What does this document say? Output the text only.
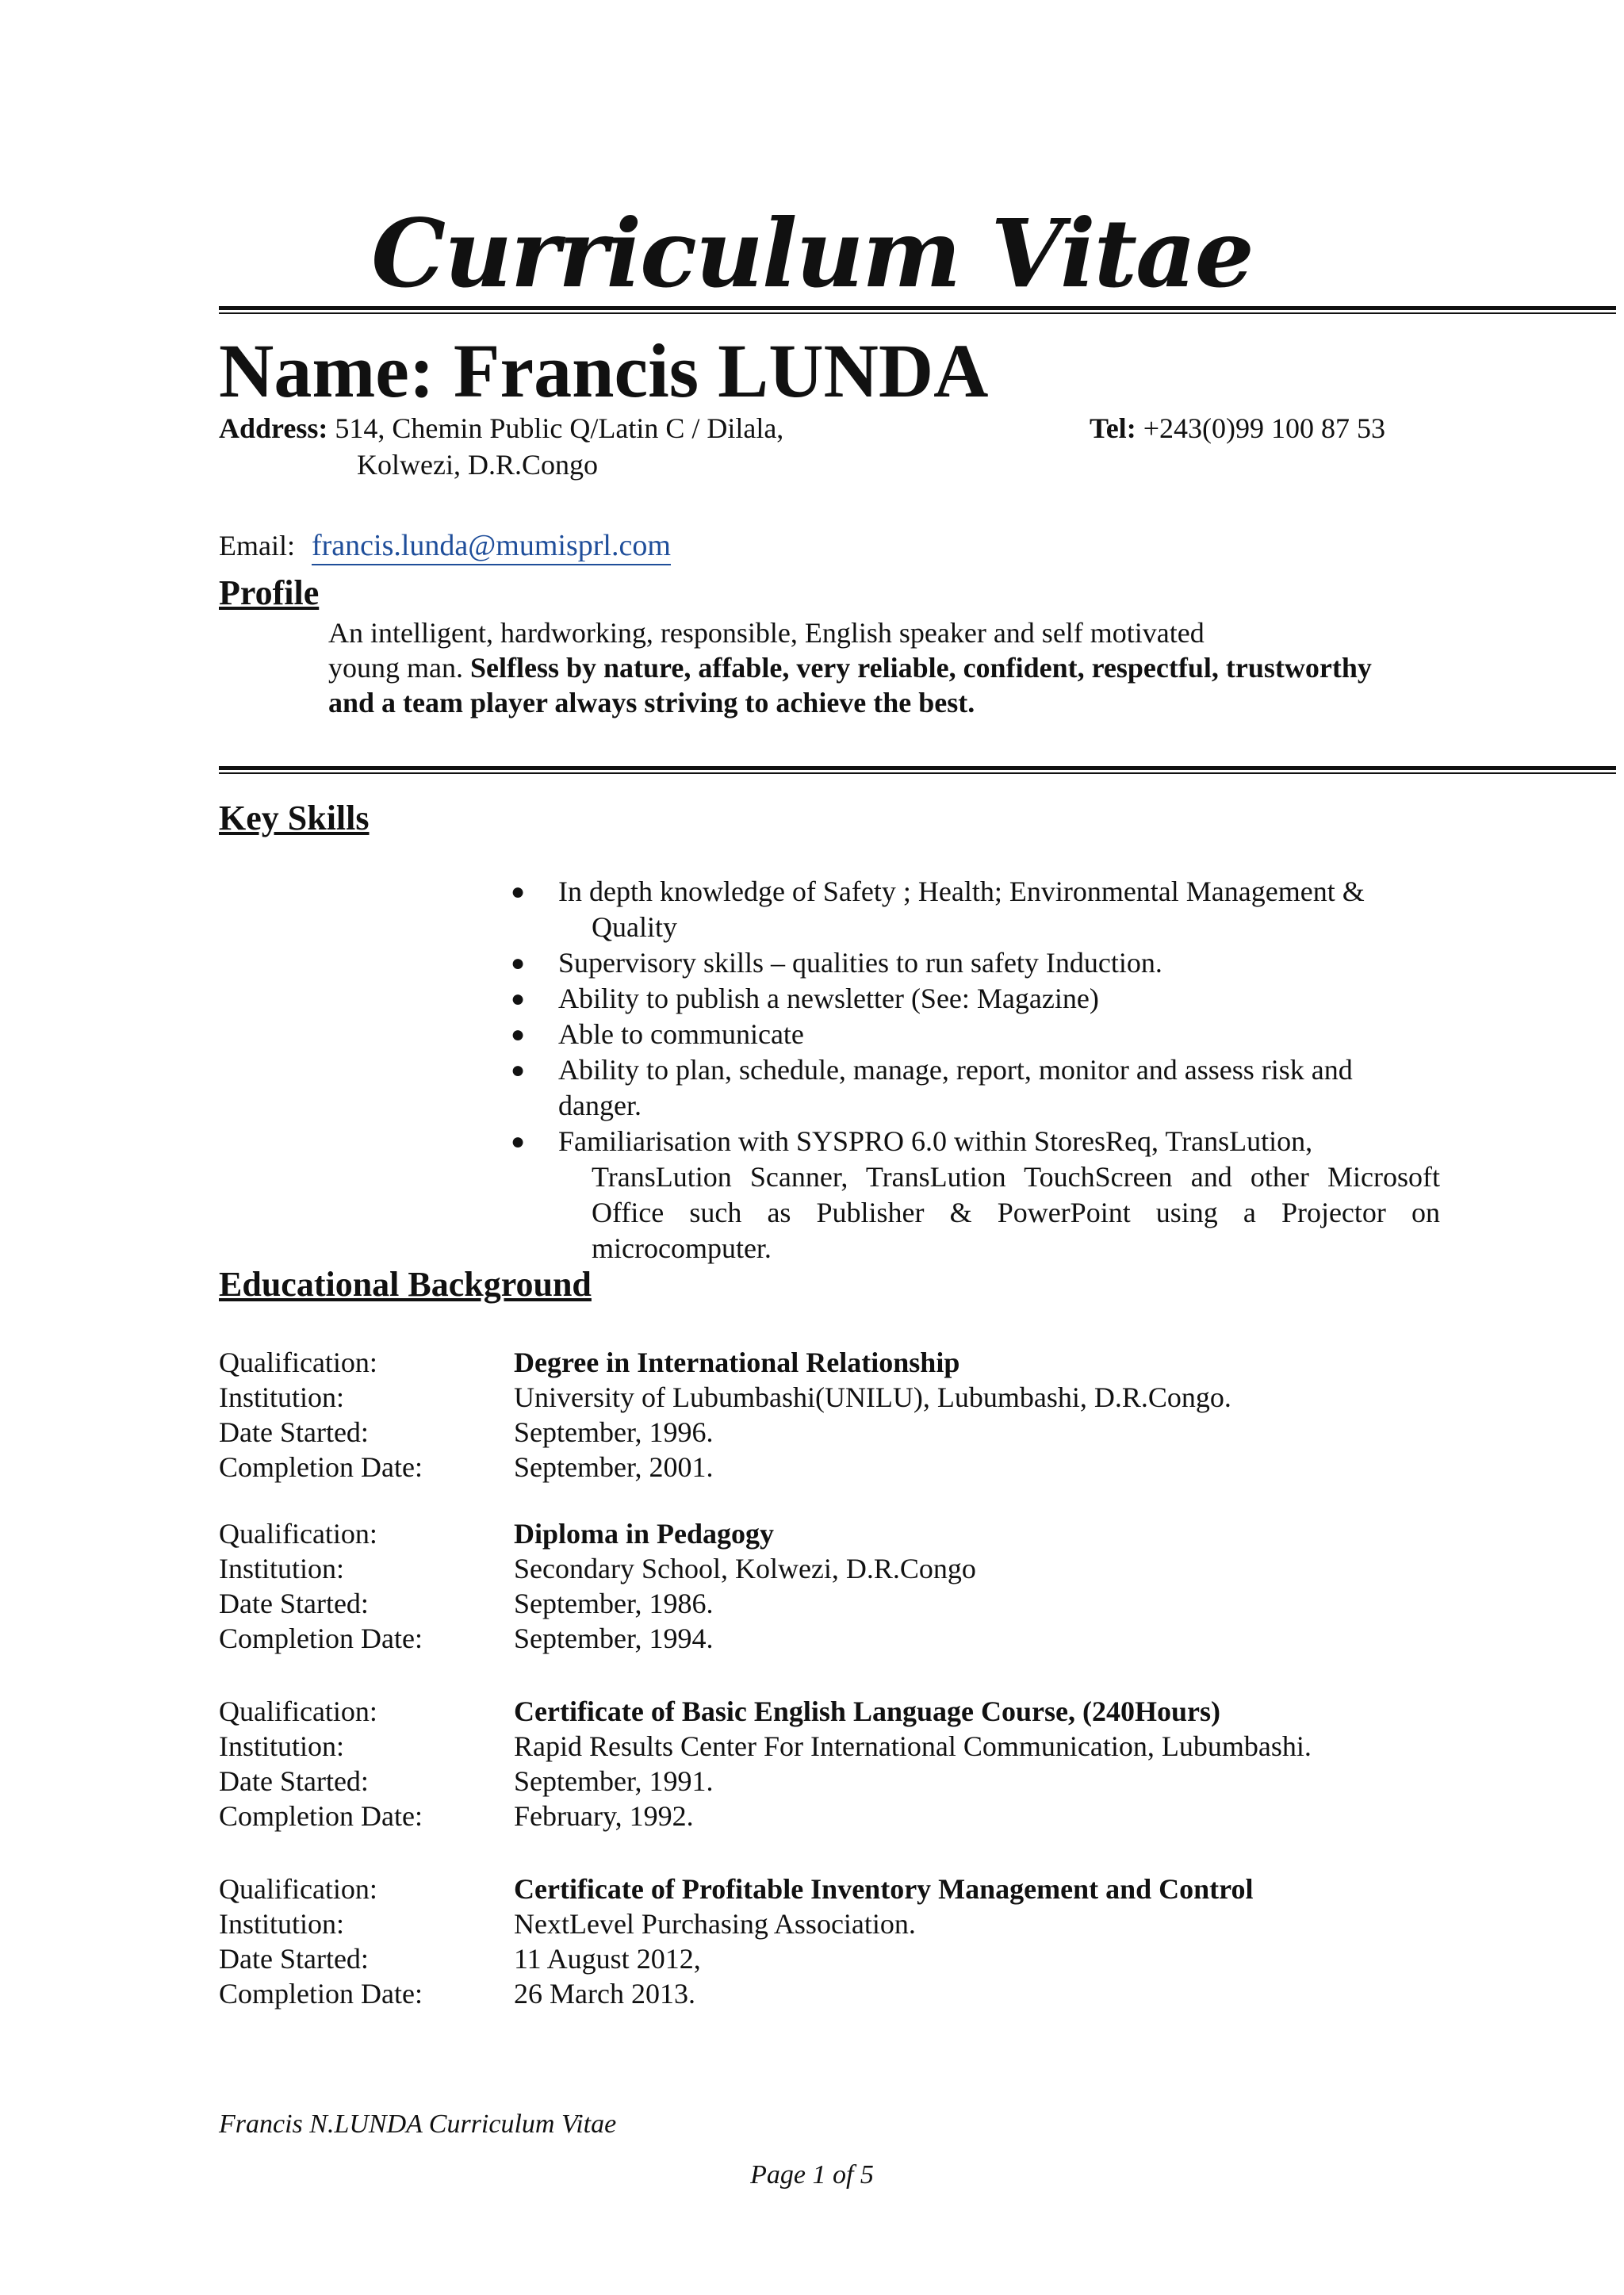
Curriculum Vitae
Name: Francis LUNDA
Address: 514, Chemin Public Q/Latin C / Dilala,
Kolwezi, D.R.Congo
Tel: +243(0)99 100 87 53
Email: francis.lunda@mumisprl.com
Profile
An intelligent, hardworking, responsible, English speaker and self motivated
young man. Selfless by nature, affable, very reliable, confident, respectful, trustworthy
and a team player always striving to achieve the best.
Key Skills
● In depth knowledge of Safety ; Health; Environmental Management &
Quality
● Supervisory skills – qualities to run safety Induction.
● Ability to publish a newsletter (See: Magazine)
● Able to communicate
● Ability to plan, schedule, manage, report, monitor and assess risk and
danger.
● Familiarisation with SYSPRO 6.0 within StoresReq, TransLution,
TransLution Scanner, TransLution TouchScreen and other Microsoft Office such as Publisher & PowerPoint using a Projector on microcomputer.
Educational Background
Qualification:	Degree in International Relationship
Institution:	University of Lubumbashi(UNILU), Lubumbashi, D.R.Congo.
Date Started:	September, 1996.
Completion Date:	September, 2001.
Qualification:	Diploma in Pedagogy
Institution:	Secondary School, Kolwezi, D.R.Congo
Date Started:	September, 1986.
Completion Date:	September, 1994.
Qualification:	Certificate of Basic English Language Course, (240Hours)
Institution:	Rapid Results Center For International Communication, Lubumbashi.
Date Started:	September, 1991.
Completion Date:	February, 1992.
Qualification:	Certificate of Profitable Inventory Management and Control
Institution:	NextLevel Purchasing Association.
Date Started:	11 August 2012,
Completion Date:	26 March 2013.
Francis N.LUNDA Curriculum Vitae
Page 1 of 5
